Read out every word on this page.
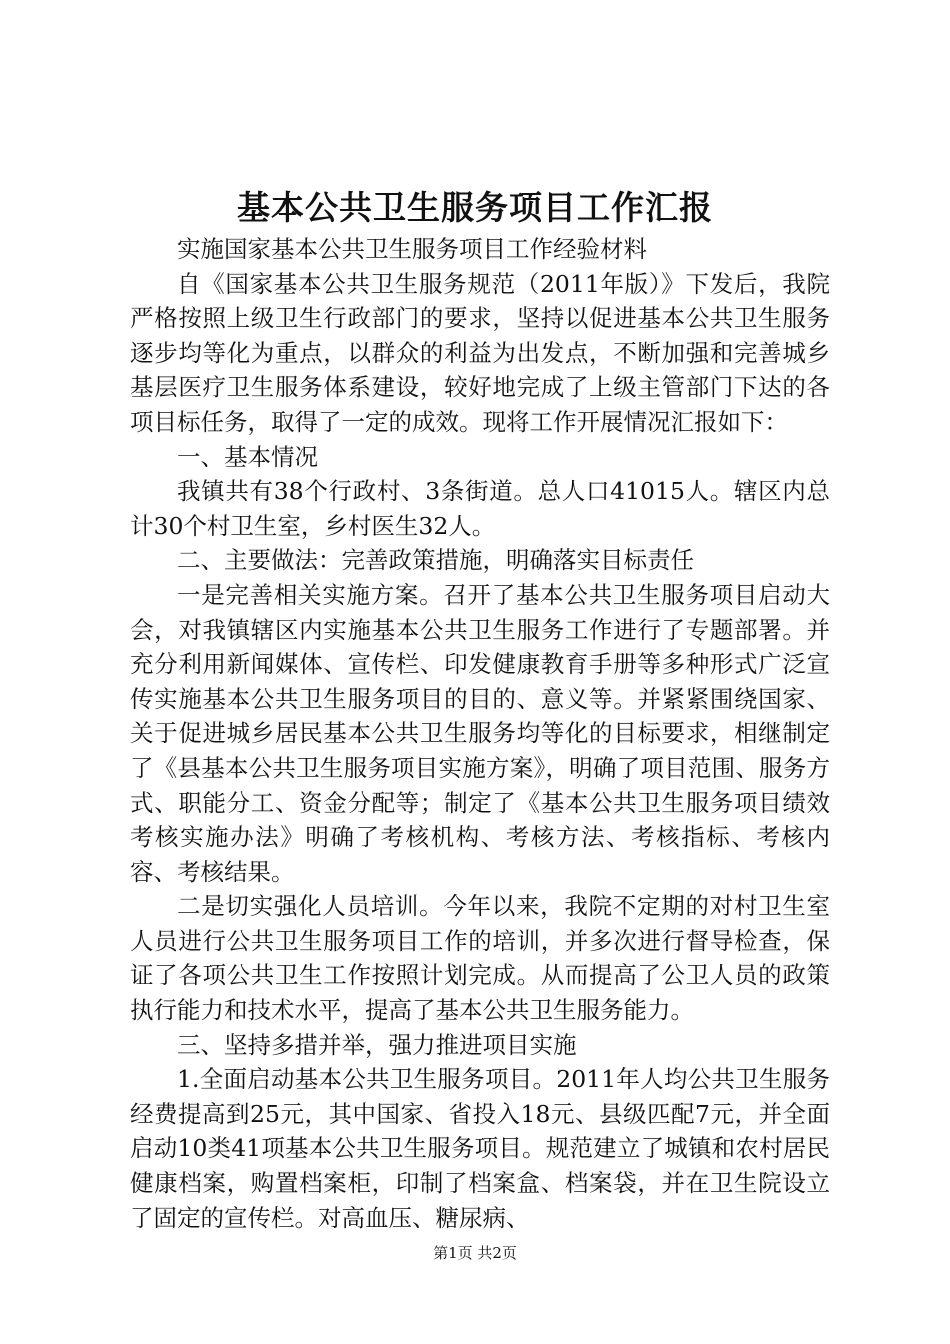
基本公共卫生服务项目工作汇报

实施国家基本公共卫生服务项目工作经验材料

自《国家基本公共卫生服务规范（2011年版）》下发后，我院严格按照上级卫生行政部门的要求，坚持以促进基本公共卫生服务逐步均等化为重点，以群众的利益为出发点，不断加强和完善城乡基层医疗卫生服务体系建设，较好地完成了上级主管部门下达的各项目标任务，取得了一定的成效。现将工作开展情况汇报如下：

一、基本情况

我镇共有38个行政村、3条街道。总人口41015人。辖区内总计30个村卫生室，乡村医生32人。

二、主要做法：完善政策措施，明确落实目标责任

一是完善相关实施方案。召开了基本公共卫生服务项目启动大会，对我镇辖区内实施基本公共卫生服务工作进行了专题部署。并充分利用新闻媒体、宣传栏、印发健康教育手册等多种形式广泛宣传实施基本公共卫生服务项目的目的、意义等。并紧紧围绕国家、关于促进城乡居民基本公共卫生服务均等化的目标要求，相继制定了《县基本公共卫生服务项目实施方案》，明确了项目范围、服务方式、职能分工、资金分配等；制定了《基本公共卫生服务项目绩效考核实施办法》明确了考核机构、考核方法、考核指标、考核内容、考核结果。

二是切实强化人员培训。今年以来，我院不定期的对村卫生室人员进行公共卫生服务项目工作的培训，并多次进行督导检查，保证了各项公共卫生工作按照计划完成。从而提高了公卫人员的政策执行能力和技术水平，提高了基本公共卫生服务能力。

三、坚持多措并举，强力推进项目实施

1.全面启动基本公共卫生服务项目。2011年人均公共卫生服务经费提高到25元，其中国家、省投入18元、县级匹配7元，并全面启动10类41项基本公共卫生服务项目。规范建立了城镇和农村居民健康档案，购置档案柜，印制了档案盒、档案袋，并在卫生院设立了固定的宣传栏。对高血压、糖尿病、

第1页 共2页
